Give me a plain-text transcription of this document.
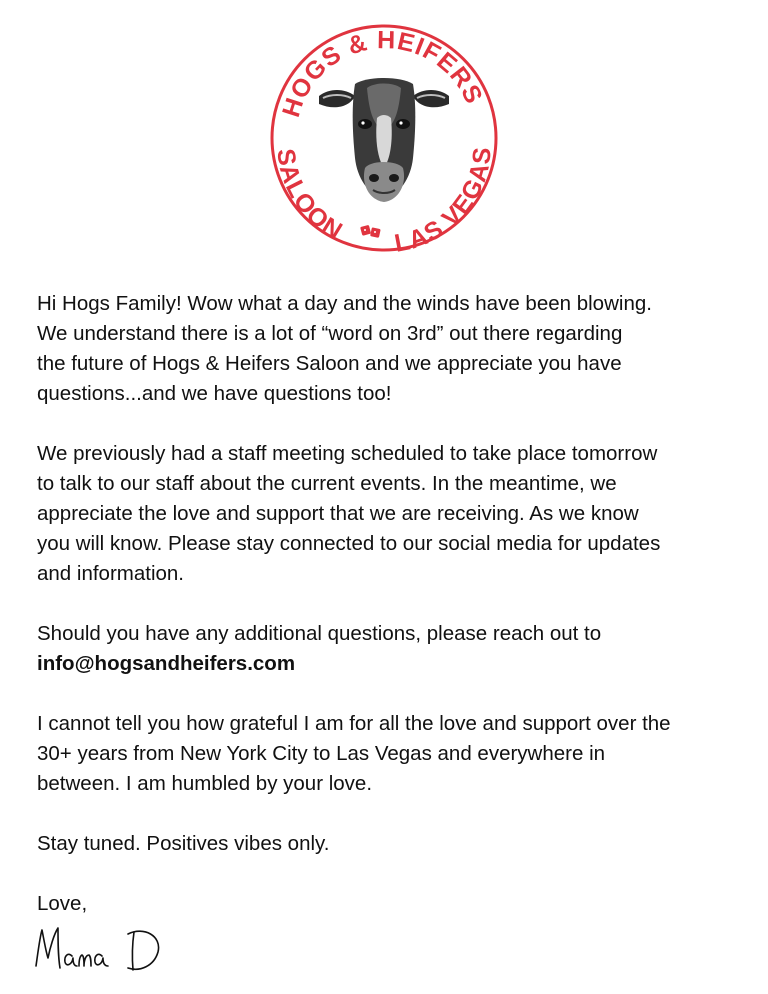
HOGS & HEIFERS
SALOON LAS VEGAS

Hi Hogs Family! Wow what a day and the winds have been blowing.
We understand there is a lot of “word on 3rd” out there regarding
the future of Hogs & Heifers Saloon and we appreciate you have
questions...and we have questions too!

We previously had a staff meeting scheduled to take place tomorrow
to talk to our staff about the current events. In the meantime, we
appreciate the love and support that we are receiving. As we know
you will know. Please stay connected to our social media for updates
and information.

Should you have any additional questions, please reach out to
info@hogsandheifers.com

I cannot tell you how grateful I am for all the love and support over the
30+ years from New York City to Las Vegas and everywhere in
between. I am humbled by your love.

Stay tuned. Positives vibes only.

Love,
